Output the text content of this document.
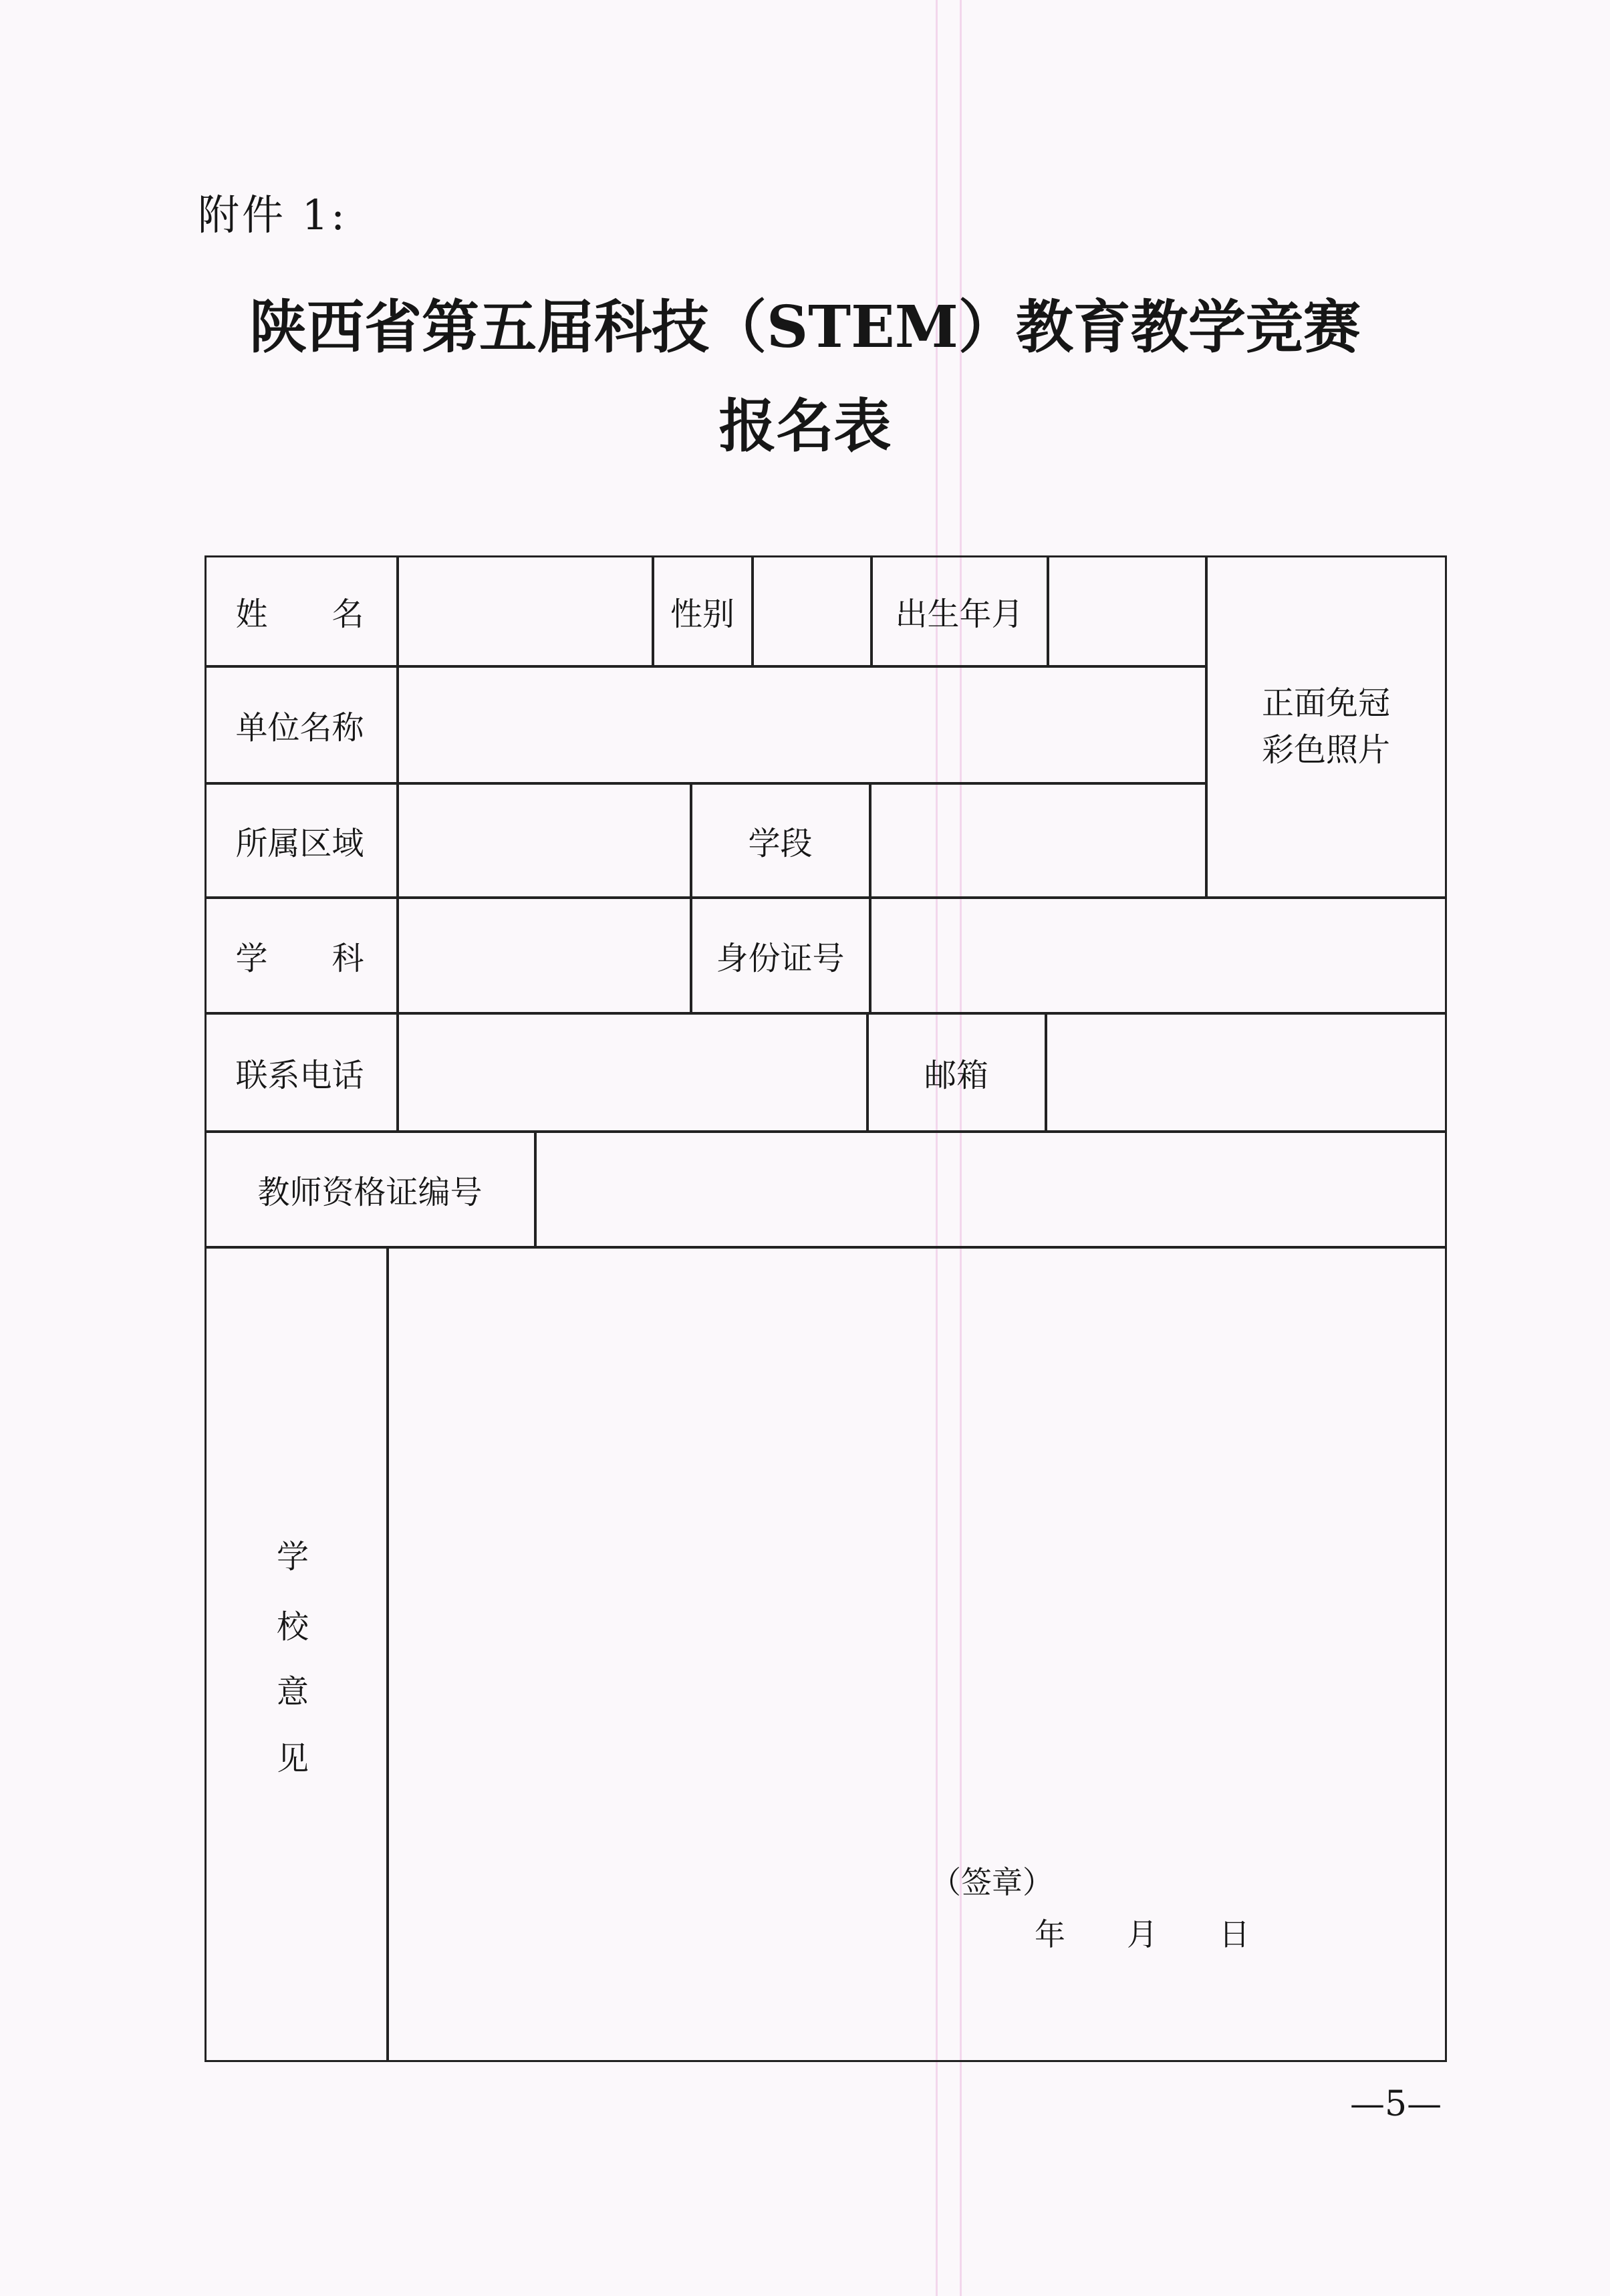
附件 1:
陕西省第五届科技（STEM）教育教学竞赛
报名表
姓　　名	性别	出生年月
正面免冠
彩色照片
单位名称
所属区域	学段
学　　科	身份证号
联系电话	邮箱
教师资格证编号
学
校
意
见
（签章）
年　　月　　日
—5—
